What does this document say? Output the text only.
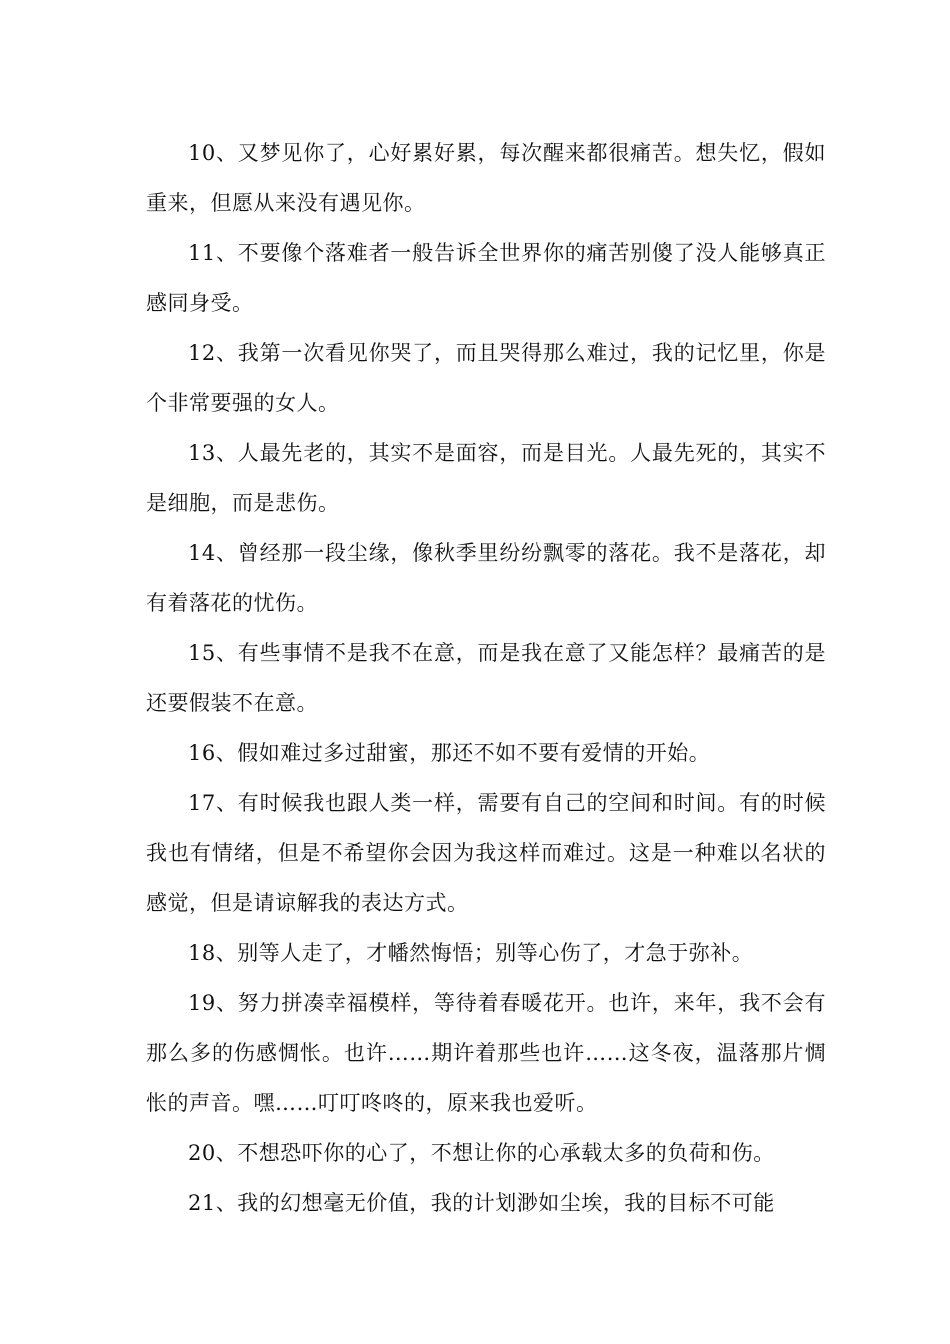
10、又梦见你了，心好累好累，每次醒来都很痛苦。想失忆，假如重来，但愿从来没有遇见你。

11、不要像个落难者一般告诉全世界你的痛苦别傻了没人能够真正感同身受。

12、我第一次看见你哭了，而且哭得那么难过，我的记忆里，你是个非常要强的女人。

13、人最先老的，其实不是面容，而是目光。人最先死的，其实不是细胞，而是悲伤。

14、曾经那一段尘缘，像秋季里纷纷飘零的落花。我不是落花，却有着落花的忧伤。

15、有些事情不是我不在意，而是我在意了又能怎样？最痛苦的是还要假装不在意。

16、假如难过多过甜蜜，那还不如不要有爱情的开始。

17、有时候我也跟人类一样，需要有自己的空间和时间。有的时候我也有情绪，但是不希望你会因为我这样而难过。这是一种难以名状的感觉，但是请谅解我的表达方式。

18、别等人走了，才幡然悔悟；别等心伤了，才急于弥补。

19、努力拼凑幸福模样，等待着春暖花开。也许，来年，我不会有那么多的伤感惆怅。也许……期许着那些也许……这冬夜，温落那片惆怅的声音。嘿……叮叮咚咚的，原来我也爱听。

20、不想恐吓你的心了，不想让你的心承载太多的负荷和伤。

21、我的幻想毫无价值，我的计划渺如尘埃，我的目标不可能
